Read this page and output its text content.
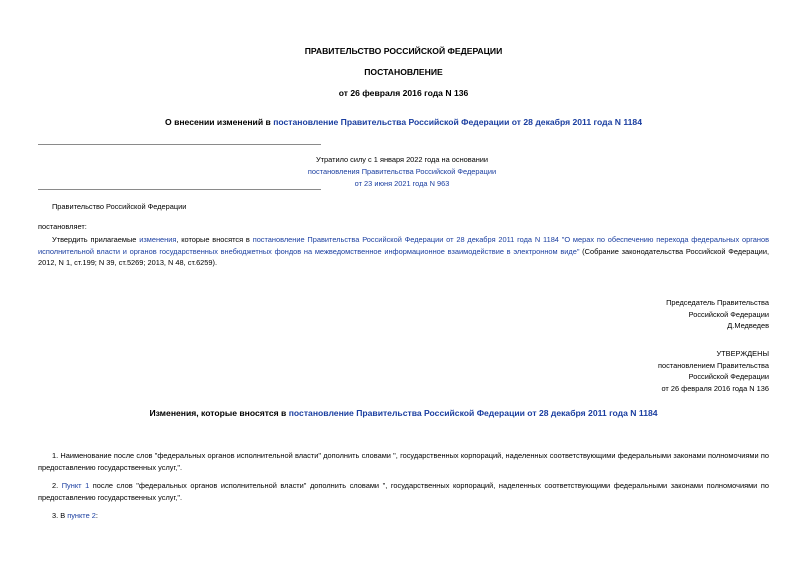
ПРАВИТЕЛЬСТВО РОССИЙСКОЙ ФЕДЕРАЦИИ
ПОСТАНОВЛЕНИЕ
от 26 февраля 2016 года N 136
О внесении изменений в постановление Правительства Российской Федерации от 28 декабря 2011 года N 1184
Утратило силу с 1 января 2022 года на основании
постановления Правительства Российской Федерации
от 23 июня 2021 года N 963
Правительство Российской Федерации
постановляет:
Утвердить прилагаемые изменения, которые вносятся в постановление Правительства Российской Федерации от 28 декабря 2011 года N 1184 "О мерах по обеспечению перехода федеральных органов исполнительной власти и органов государственных внебюджетных фондов на межведомственное информационное взаимодействие в электронном виде" (Собрание законодательства Российской Федерации, 2012, N 1, ст.199; N 39, ст.5269; 2013, N 48, ст.6259).
Председатель Правительства
Российской Федерации
Д.Медведев
УТВЕРЖДЕНЫ
постановлением Правительства
Российской Федерации
от 26 февраля 2016 года N 136
Изменения, которые вносятся в постановление Правительства Российской Федерации от 28 декабря 2011 года N 1184
1. Наименование после слов "федеральных органов исполнительной власти" дополнить словами ", государственных корпораций, наделенных соответствующими федеральными законами полномочиями по предоставлению государственных услуг,".
2. Пункт 1 после слов "федеральных органов исполнительной власти" дополнить словами ", государственных корпораций, наделенных соответствующими федеральными законами полномочиями по предоставлению государственных услуг,".
3. В пункте 2:
